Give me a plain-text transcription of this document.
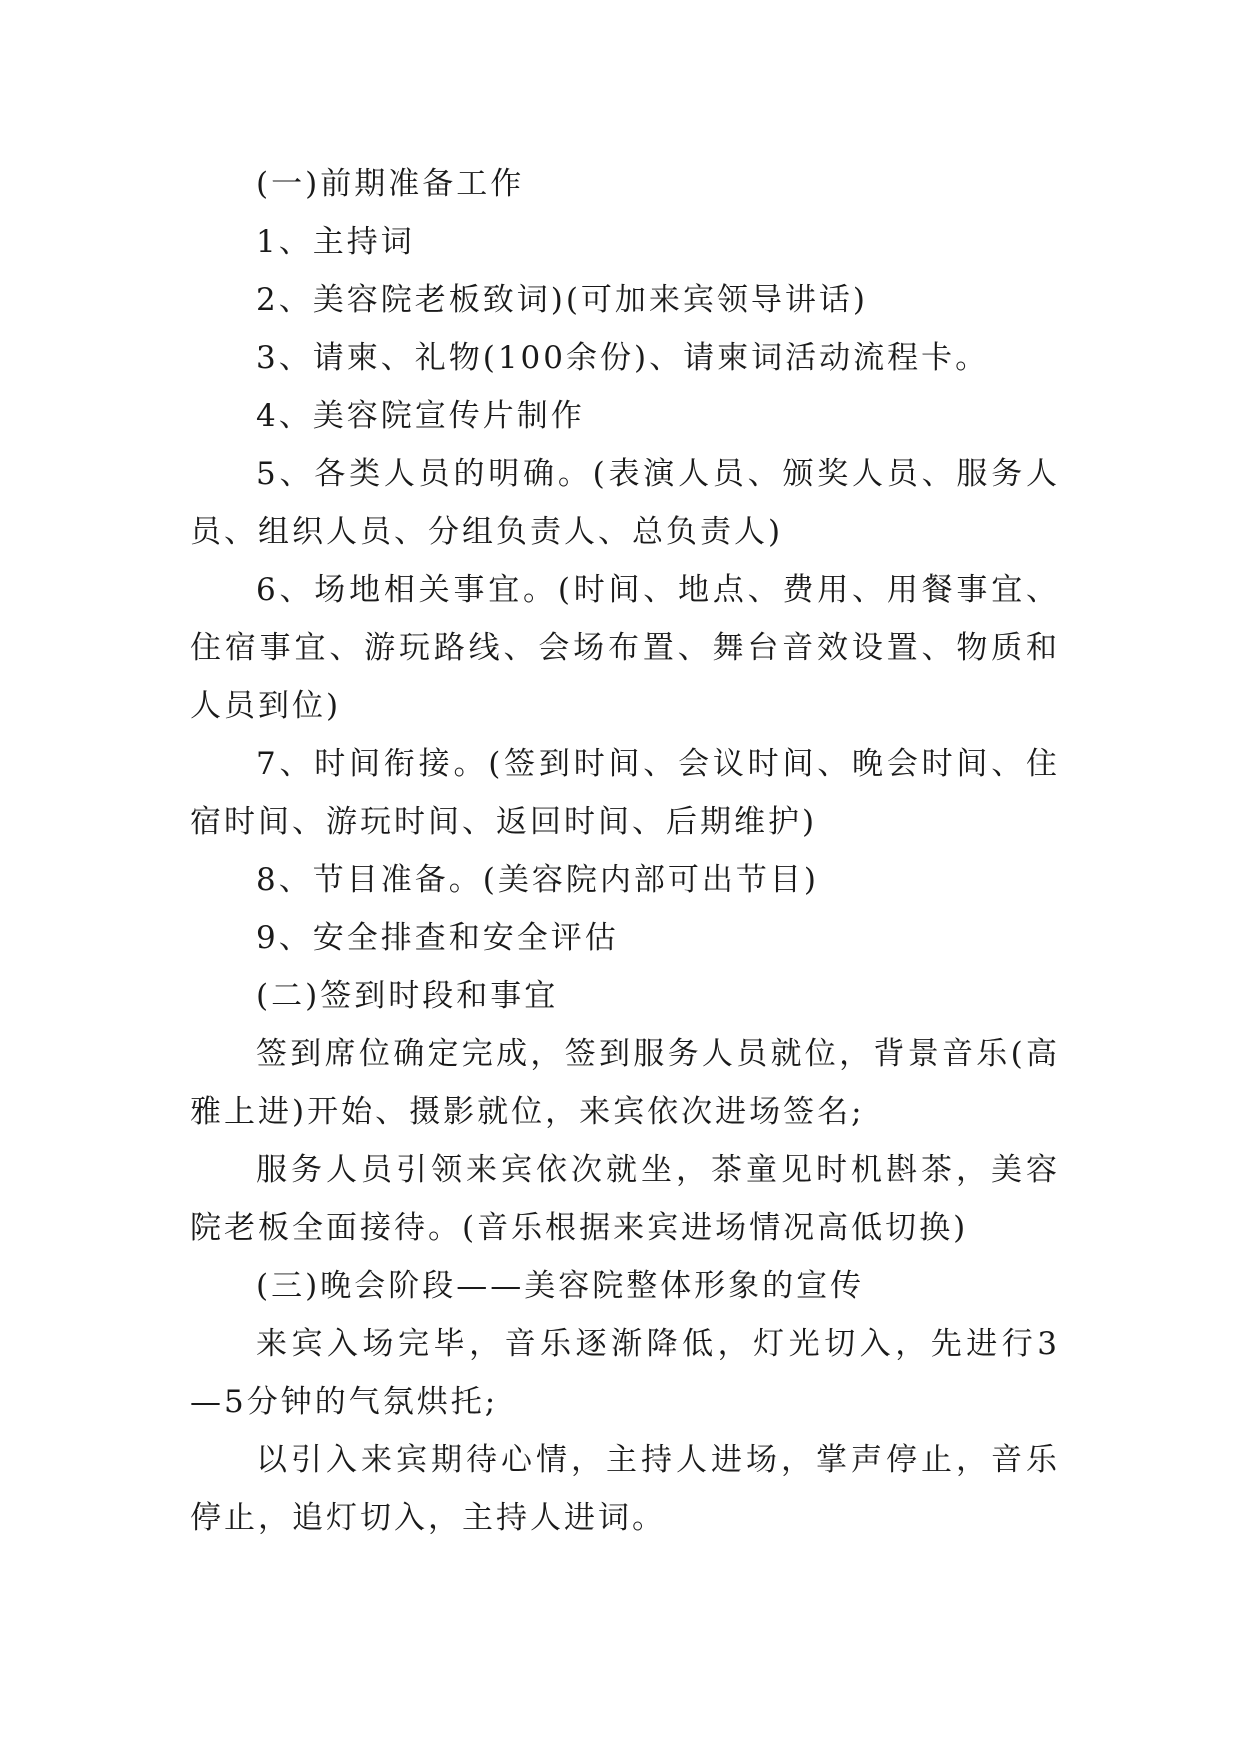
(一)前期准备工作

1、主持词

2、美容院老板致词)(可加来宾领导讲话)

3、请柬、礼物(100余份)、请柬词活动流程卡。

4、美容院宣传片制作

5、各类人员的明确。(表演人员、颁奖人员、服务人员、组织人员、分组负责人、总负责人)

6、场地相关事宜。(时间、地点、费用、用餐事宜、住宿事宜、游玩路线、会场布置、舞台音效设置、物质和人员到位)

7、时间衔接。(签到时间、会议时间、晚会时间、住宿时间、游玩时间、返回时间、后期维护)

8、节目准备。(美容院内部可出节目)

9、安全排查和安全评估

(二)签到时段和事宜

签到席位确定完成，签到服务人员就位，背景音乐(高雅上进)开始、摄影就位，来宾依次进场签名;

服务人员引领来宾依次就坐，茶童见时机斟茶，美容院老板全面接待。(音乐根据来宾进场情况高低切换)

(三)晚会阶段——美容院整体形象的宣传

来宾入场完毕，音乐逐渐降低，灯光切入，先进行3—5分钟的气氛烘托;

以引入来宾期待心情，主持人进场，掌声停止，音乐停止，追灯切入，主持人进词。
